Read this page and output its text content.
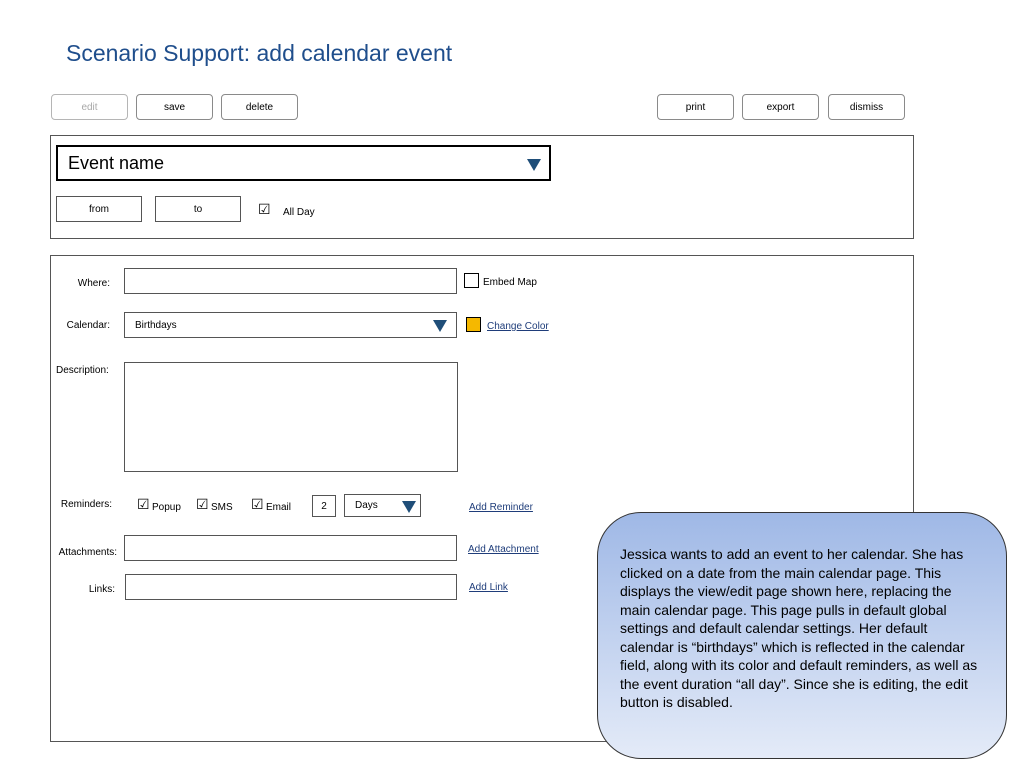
Scenario Support: add calendar event
edit	save	delete	print	export	dismiss
Event name
from	to	☑ All Day
Where:	Embed Map
Calendar:	Birthdays	Change Color
Description:
Reminders: ☑ Popup ☑ SMS ☑ Email	2	Days	Add Reminder
Attachments:	Add Attachment
Links:	Add Link
Jessica wants to add an event to her calendar. She has clicked on a date from the main calendar page. This displays the view/edit page shown here, replacing the main calendar page. This page pulls in default global settings and default calendar settings. Her default calendar is “birthdays” which is reflected in the calendar field, along with its color and default reminders, as well as the event duration “all day”. Since she is editing, the edit button is disabled.
